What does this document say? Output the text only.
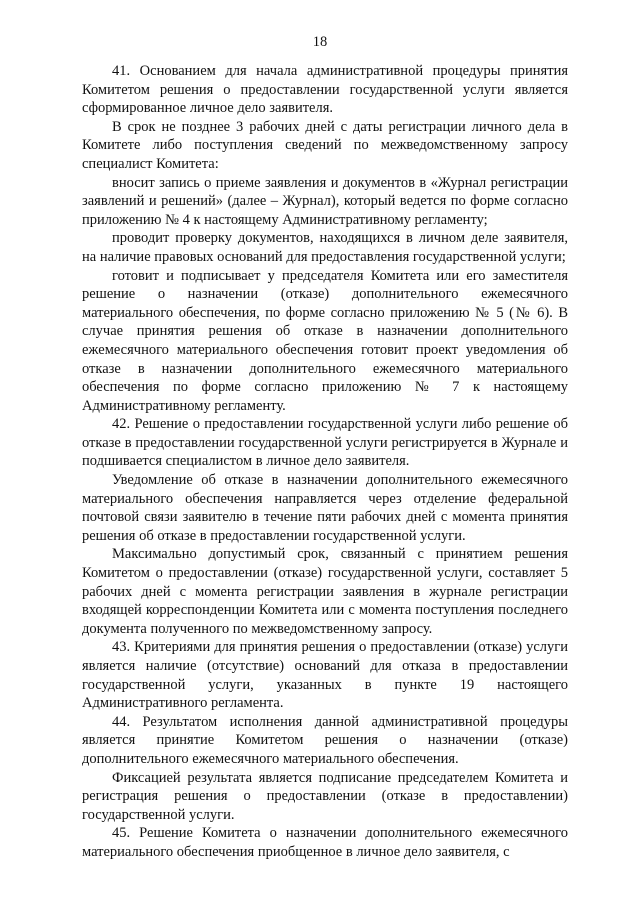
18

41. Основанием для начала административной процедуры принятия Комитетом решения о предоставлении государственной услуги является сформированное личное дело заявителя.

В срок не позднее 3 рабочих дней с даты регистрации личного дела в Комитете либо поступления сведений по межведомственному запросу специалист Комитета:

вносит запись о приеме заявления и документов в «Журнал регистрации заявлений и решений» (далее – Журнал), который ведется по форме согласно приложению № 4 к настоящему Административному регламенту;

проводит проверку документов, находящихся в личном деле заявителя, на наличие правовых оснований для предоставления государственной услуги;

готовит и подписывает у председателя Комитета или его заместителя решение о назначении (отказе) дополнительного ежемесячного материального обеспечения, по форме согласно приложению № 5 (№ 6). В случае принятия решения об отказе в назначении дополнительного ежемесячного материального обеспечения готовит проект уведомления об отказе в назначении дополнительного ежемесячного материального обеспечения по форме согласно приложению № 7 к настоящему Административному регламенту.

42. Решение о предоставлении государственной услуги либо решение об отказе в предоставлении государственной услуги регистрируется в Журнале и подшивается специалистом в личное дело заявителя.

Уведомление об отказе в назначении дополнительного ежемесячного материального обеспечения направляется через отделение федеральной почтовой связи заявителю в течение пяти рабочих дней с момента принятия решения об отказе в предоставлении государственной услуги.

Максимально допустимый срок, связанный с принятием решения Комитетом о предоставлении (отказе) государственной услуги, составляет 5 рабочих дней с момента регистрации заявления в журнале регистрации входящей корреспонденции Комитета или с момента поступления последнего документа полученного по межведомственному запросу.

43. Критериями для принятия решения о предоставлении (отказе) услуги является наличие (отсутствие) оснований для отказа в предоставлении государственной услуги, указанных в пункте 19 настоящего Административного регламента.

44. Результатом исполнения данной административной процедуры является принятие Комитетом решения о назначении (отказе) дополнительного ежемесячного материального обеспечения.

Фиксацией результата является подписание председателем Комитета и регистрация решения о предоставлении (отказе в предоставлении) государственной услуги.

45. Решение Комитета о назначении дополнительного ежемесячного материального обеспечения приобщенное в личное дело заявителя, с
